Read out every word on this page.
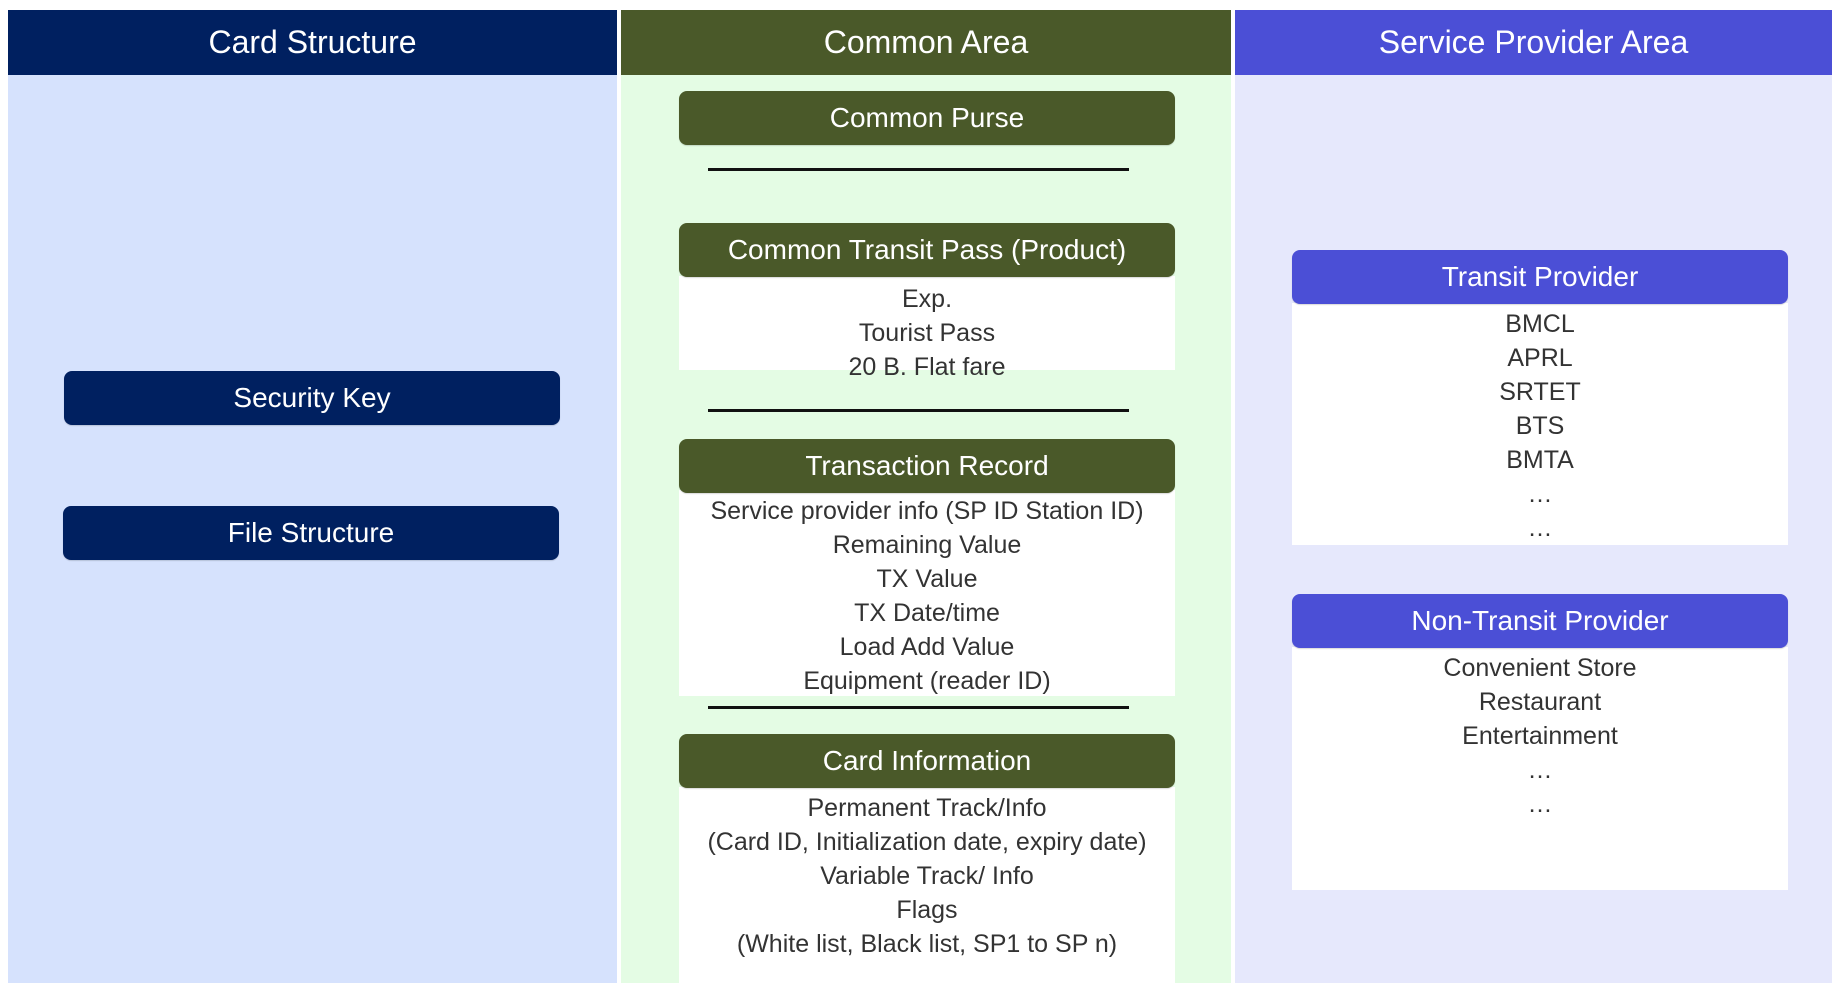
Card Structure
Security Key
File Structure
Common Area
Common Purse
Exp.
Tourist Pass
20 B. Flat fare
Common Transit Pass (Product)
Service provider info (SP ID Station ID)
Remaining Value
TX Value
TX Date/time
Load Add Value
Equipment (reader ID)
Transaction Record
Permanent Track/Info
(Card ID, Initialization date, expiry date)
Variable Track/ Info
Flags
(White list, Black list, SP1 to SP n)
Card Information
Service Provider Area
BMCL
APRL
SRTET
BTS
BMTA
…
…
Transit Provider
Convenient Store
Restaurant
Entertainment
…
…
Non-Transit Provider
